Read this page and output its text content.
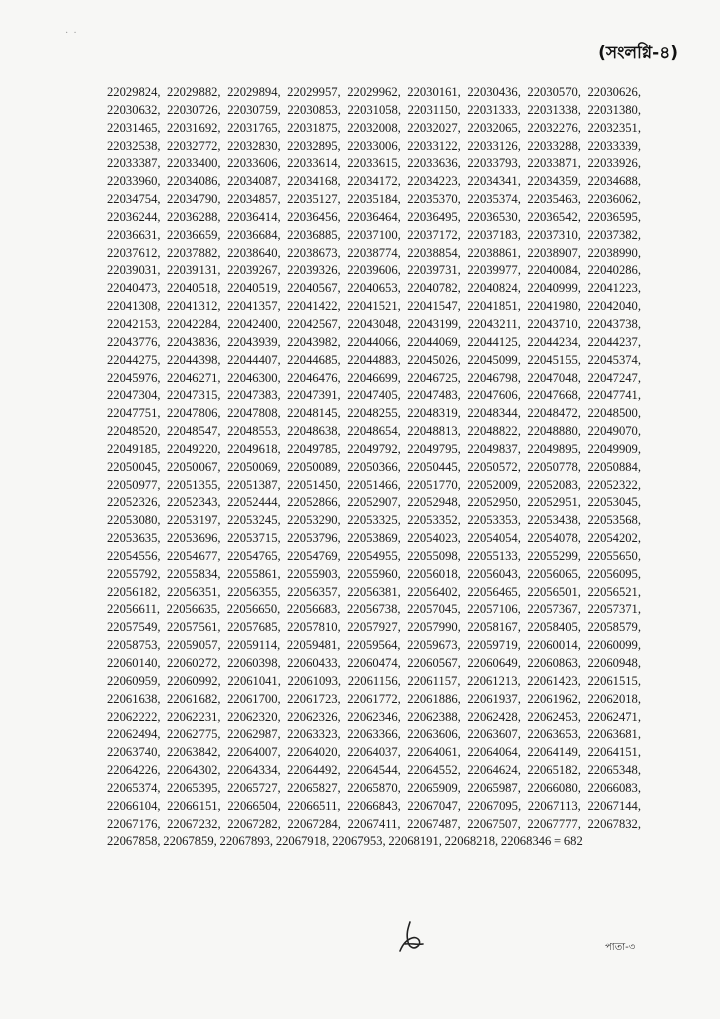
·  ·
(সংলগ্নি-৪)
22029824, 22029882, 22029894, 22029957, 22029962, 22030161, 22030436, 22030570, 22030626, 22030632, 22030726, 22030759, 22030853, 22031058, 22031150, 22031333, 22031338, 22031380, 22031465, 22031692, 22031765, 22031875, 22032008, 22032027, 22032065, 22032276, 22032351, 22032538, 22032772, 22032830, 22032895, 22033006, 22033122, 22033126, 22033288, 22033339, 22033387, 22033400, 22033606, 22033614, 22033615, 22033636, 22033793, 22033871, 22033926, 22033960, 22034086, 22034087, 22034168, 22034172, 22034223, 22034341, 22034359, 22034688, 22034754, 22034790, 22034857, 22035127, 22035184, 22035370, 22035374, 22035463, 22036062, 22036244, 22036288, 22036414, 22036456, 22036464, 22036495, 22036530, 22036542, 22036595, 22036631, 22036659, 22036684, 22036885, 22037100, 22037172, 22037183, 22037310, 22037382, 22037612, 22037882, 22038640, 22038673, 22038774, 22038854, 22038861, 22038907, 22038990, 22039031, 22039131, 22039267, 22039326, 22039606, 22039731, 22039977, 22040084, 22040286, 22040473, 22040518, 22040519, 22040567, 22040653, 22040782, 22040824, 22040999, 22041223, 22041308, 22041312, 22041357, 22041422, 22041521, 22041547, 22041851, 22041980, 22042040, 22042153, 22042284, 22042400, 22042567, 22043048, 22043199, 22043211, 22043710, 22043738, 22043776, 22043836, 22043939, 22043982, 22044066, 22044069, 22044125, 22044234, 22044237, 22044275, 22044398, 22044407, 22044685, 22044883, 22045026, 22045099, 22045155, 22045374, 22045976, 22046271, 22046300, 22046476, 22046699, 22046725, 22046798, 22047048, 22047247, 22047304, 22047315, 22047383, 22047391, 22047405, 22047483, 22047606, 22047668, 22047741, 22047751, 22047806, 22047808, 22048145, 22048255, 22048319, 22048344, 22048472, 22048500, 22048520, 22048547, 22048553, 22048638, 22048654, 22048813, 22048822, 22048880, 22049070, 22049185, 22049220, 22049618, 22049785, 22049792, 22049795, 22049837, 22049895, 22049909, 22050045, 22050067, 22050069, 22050089, 22050366, 22050445, 22050572, 22050778, 22050884, 22050977, 22051355, 22051387, 22051450, 22051466, 22051770, 22052009, 22052083, 22052322, 22052326, 22052343, 22052444, 22052866, 22052907, 22052948, 22052950, 22052951, 22053045, 22053080, 22053197, 22053245, 22053290, 22053325, 22053352, 22053353, 22053438, 22053568, 22053635, 22053696, 22053715, 22053796, 22053869, 22054023, 22054054, 22054078, 22054202, 22054556, 22054677, 22054765, 22054769, 22054955, 22055098, 22055133, 22055299, 22055650, 22055792, 22055834, 22055861, 22055903, 22055960, 22056018, 22056043, 22056065, 22056095, 22056182, 22056351, 22056355, 22056357, 22056381, 22056402, 22056465, 22056501, 22056521, 22056611, 22056635, 22056650, 22056683, 22056738, 22057045, 22057106, 22057367, 22057371, 22057549, 22057561, 22057685, 22057810, 22057927, 22057990, 22058167, 22058405, 22058579, 22058753, 22059057, 22059114, 22059481, 22059564, 22059673, 22059719, 22060014, 22060099, 22060140, 22060272, 22060398, 22060433, 22060474, 22060567, 22060649, 22060863, 22060948, 22060959, 22060992, 22061041, 22061093, 22061156, 22061157, 22061213, 22061423, 22061515, 22061638, 22061682, 22061700, 22061723, 22061772, 22061886, 22061937, 22061962, 22062018, 22062222, 22062231, 22062320, 22062326, 22062346, 22062388, 22062428, 22062453, 22062471, 22062494, 22062775, 22062987, 22063323, 22063366, 22063606, 22063607, 22063653, 22063681, 22063740, 22063842, 22064007, 22064020, 22064037, 22064061, 22064064, 22064149, 22064151, 22064226, 22064302, 22064334, 22064492, 22064544, 22064552, 22064624, 22065182, 22065348, 22065374, 22065395, 22065727, 22065827, 22065870, 22065909, 22065987, 22066080, 22066083, 22066104, 22066151, 22066504, 22066511, 22066843, 22067047, 22067095, 22067113, 22067144, 22067176, 22067232, 22067282, 22067284, 22067411, 22067487, 22067507, 22067777, 22067832, 22067858, 22067859, 22067893, 22067918, 22067953, 22068191, 22068218, 22068346 = 682
পাতা-৩
